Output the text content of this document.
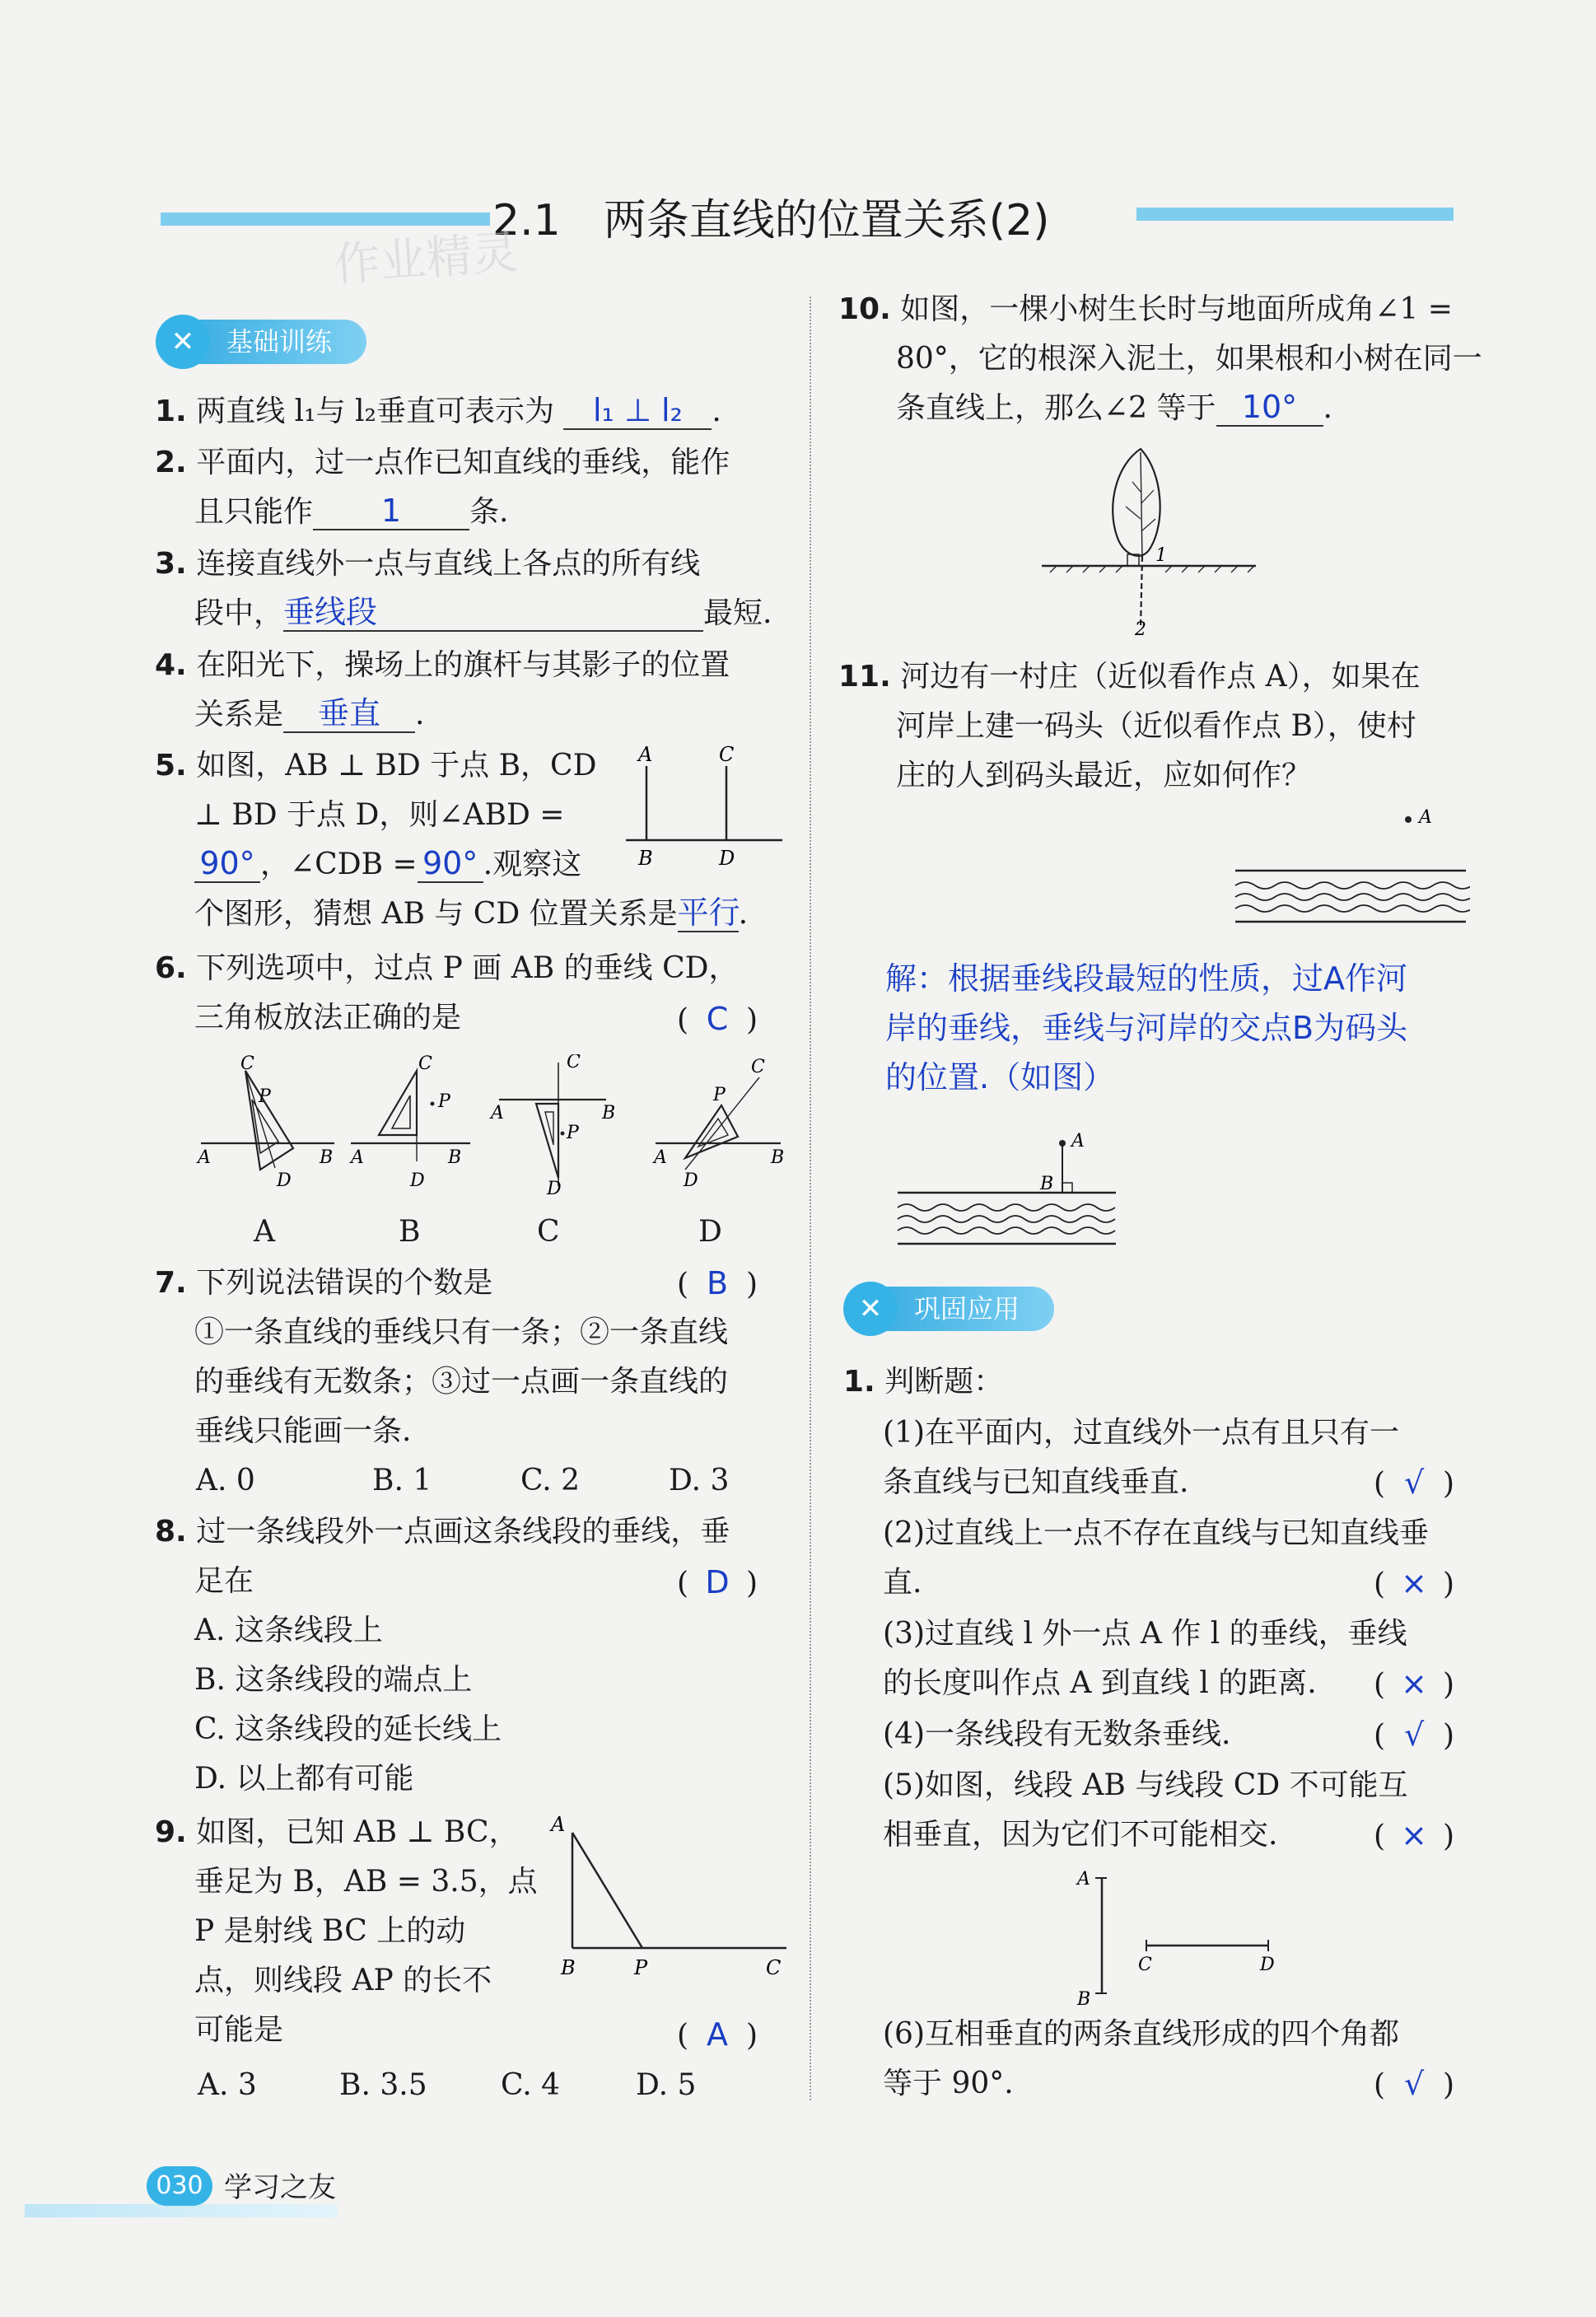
2.1　两条直线的位置关系(2)
作业精灵
✕	基础训练
1. 两直线 l₁与 l₂垂直可表示为 l₁ ⊥ l₂ .
2. 平面内，过一点作已知直线的垂线，能作
且只能作 1 条.
3. 连接直线外一点与直线上各点的所有线
段中，垂线段	最短.
4. 在阳光下，操场上的旗杆与其影子的位置
关系是 垂直 .
5. 如图，AB ⊥ BD 于点 B，CD
⊥ BD 于点 D，则∠ABD =
90° ，∠CDB = 90° .观察这
个图形，猜想 AB 与 CD 位置关系是平行.
A	C
B	D
6. 下列选项中，过点 P 画 AB 的垂线 CD，
三角板放法正确的是	( C )
C
P
A	B
D
C
P
A	B
D
C
A	B
P
D
C
P
A	B
D
A	B	C	D
7. 下列说法错误的个数是
①一条直线的垂线只有一条；②一条直线
的垂线有无数条；③过一点画一条直线的
垂线只能画一条.
( B )
A. 0	B. 1	C. 2	D. 3
8. 过一条线段外一点画这条线段的垂线，垂
足在
A. 这条线段上
B. 这条线段的端点上
C. 这条线段的延长线上
D. 以上都有可能
( D )
9. 如图，已知 AB ⊥ BC，
垂足为 B，AB = 3.5，点
P 是射线 BC 上的动
点，则线段 AP 的长不
可能是	( A )
A
B	P	C
A. 3	B. 3.5 C. 4	D. 5
10. 如图，一棵小树生长时与地面所成角∠1 =
80°，它的根深入泥土，如果根和小树在同一
条直线上，那么∠2 等于 10° .
1
2
11. 河边有一村庄（近似看作点 A），如果在
河岸上建一码头（近似看作点 B），使村
庄的人到码头最近，应如何作？
A
解：根据垂线段最短的性质，过A作河
岸的垂线，垂线与河岸的交点B为码头
的位置.（如图）
A
B
✕	巩固应用
1. 判断题：
(1)在平面内，过直线外一点有且只有一
条直线与已知直线垂直.	( √ )
(2)过直线上一点不存在直线与已知直线垂
直.	( × )
(3)过直线 l 外一点 A 作 l 的垂线，垂线
的长度叫作点 A 到直线 l 的距离.	( × )
(4)一条线段有无数条垂线.	( √ )
(5)如图，线段 AB 与线段 CD 不可能互
相垂直，因为它们不可能相交.	( × )
A
B
C	D
(6)互相垂直的两条直线形成的四个角都
等于 90°.	( √ )
030 学习之友
